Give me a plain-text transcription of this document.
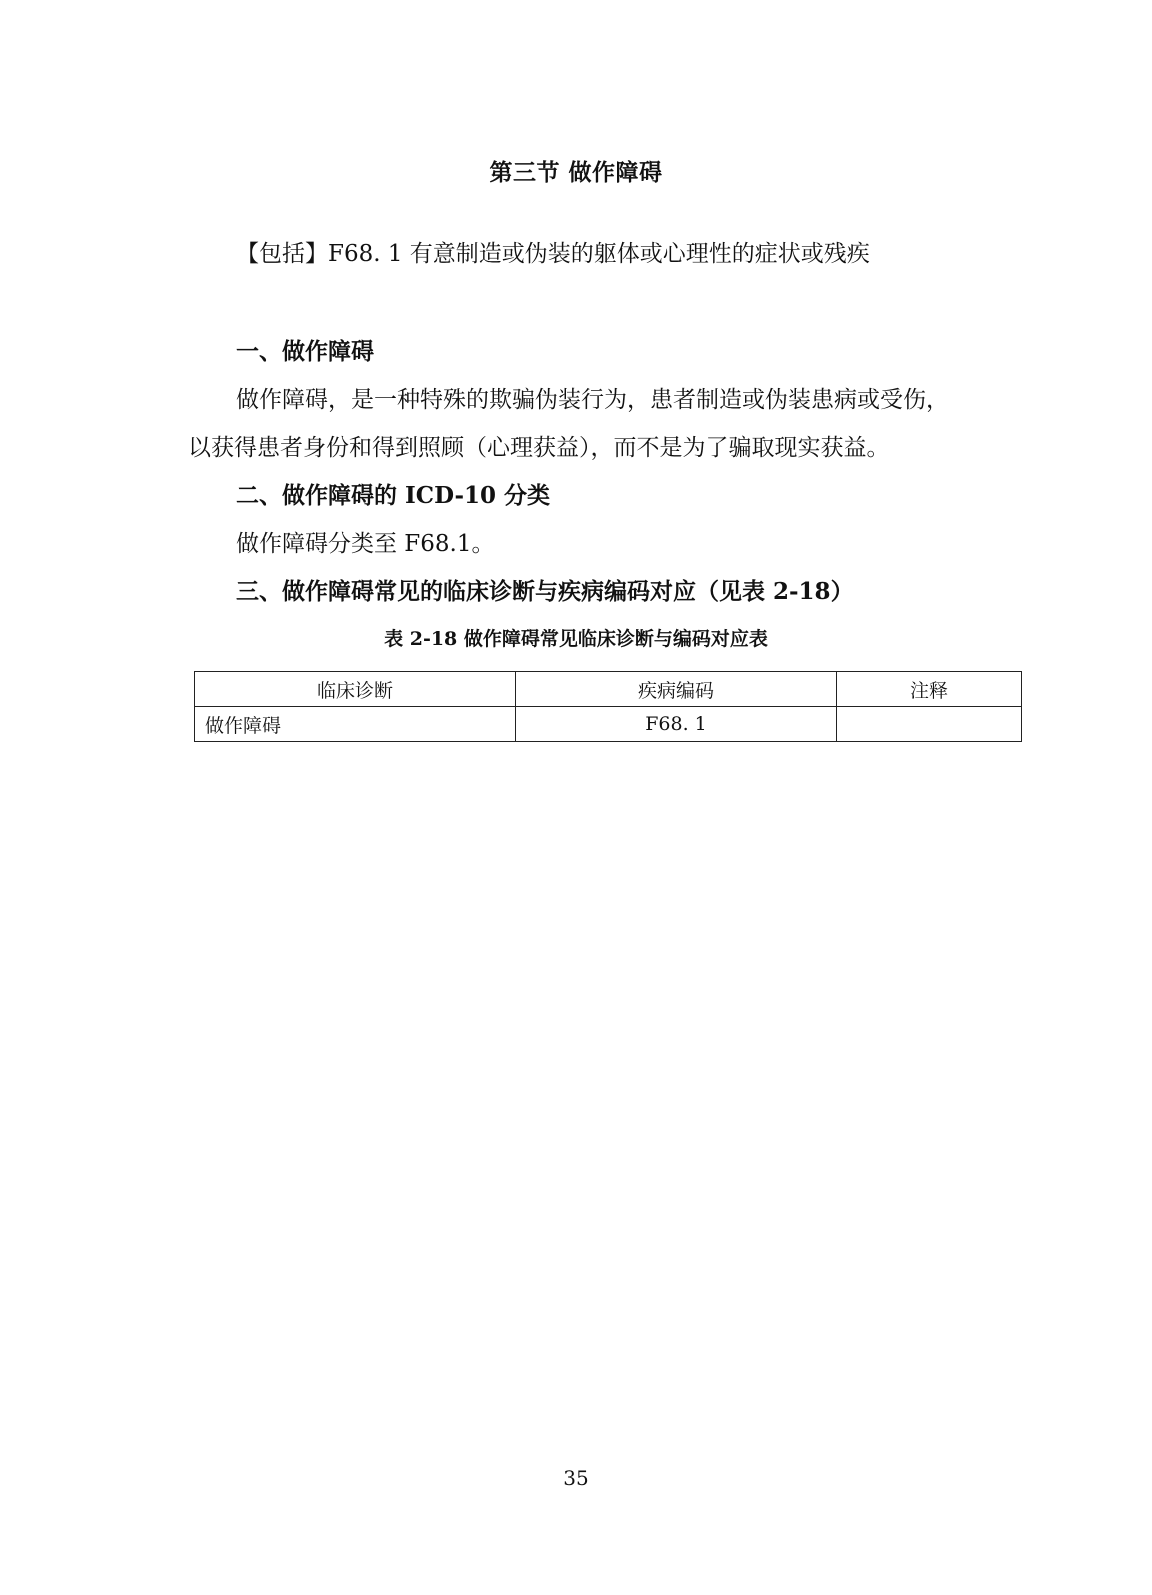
第三节 做作障碍
【包括】F68. 1 有意制造或伪装的躯体或心理性的症状或残疾
一、做作障碍
做作障碍，是一种特殊的欺骗伪装行为，患者制造或伪装患病或受伤，
以获得患者身份和得到照顾（心理获益），而不是为了骗取现实获益。
二、做作障碍的 ICD-10 分类
做作障碍分类至 F68.1。
三、做作障碍常见的临床诊断与疾病编码对应（见表 2-18）
表 2-18 做作障碍常见临床诊断与编码对应表
临床诊断	疾病编码	注释
做作障碍	F68. 1	
35
